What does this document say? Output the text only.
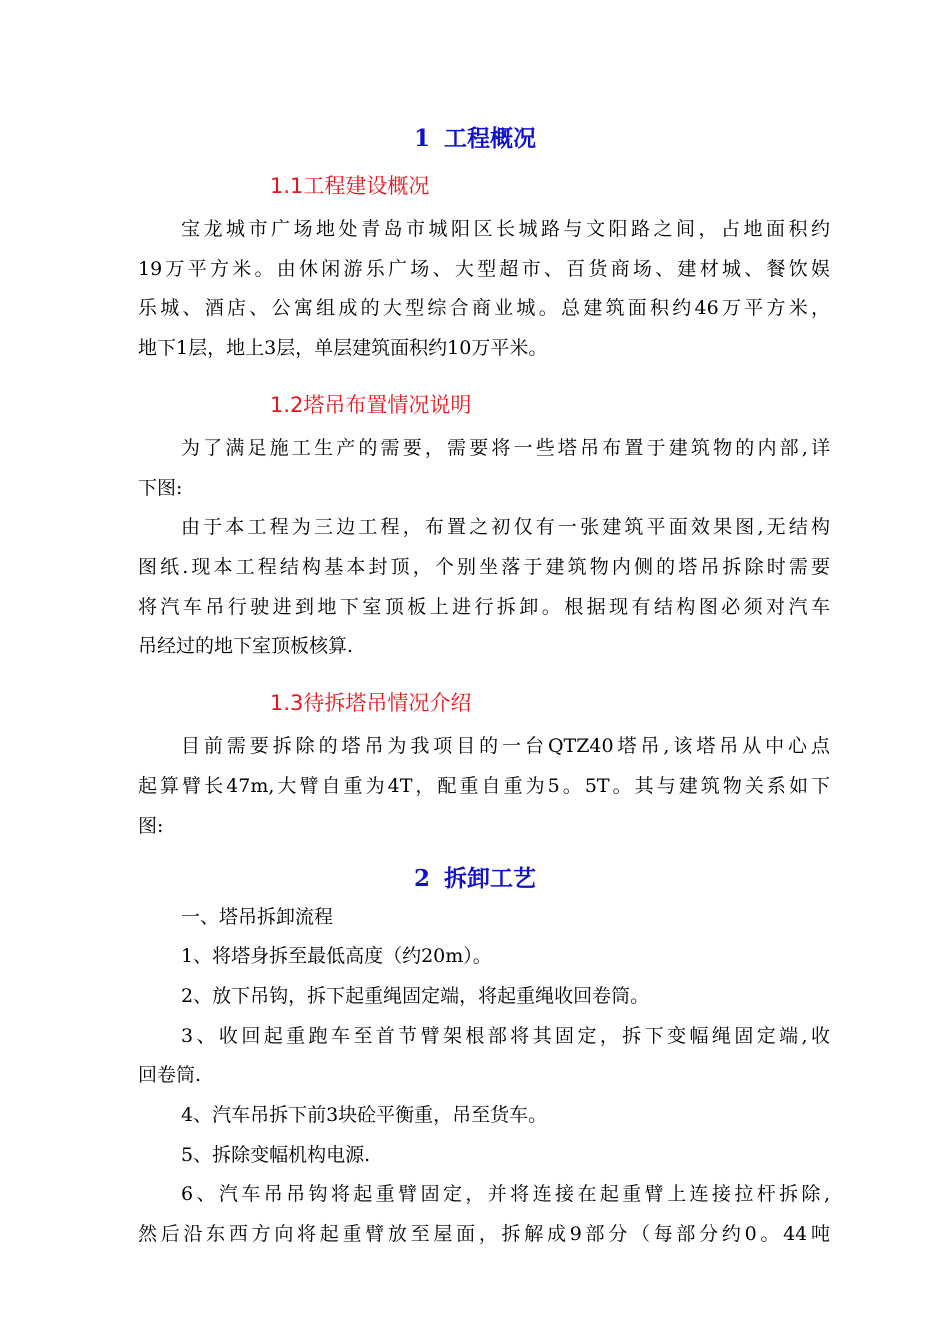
1 工程概况
1.1工程建设概况
宝龙城市广场地处青岛市城阳区长城路与文阳路之间，占地面积约
19万平方米。由休闲游乐广场、大型超市、百货商场、建材城、餐饮娱
乐城、酒店、公寓组成的大型综合商业城。总建筑面积约46万平方米，
地下1层，地上3层，单层建筑面积约10万平米。
1.2塔吊布置情况说明
为了满足施工生产的需要，需要将一些塔吊布置于建筑物的内部,详
下图:
由于本工程为三边工程，布置之初仅有一张建筑平面效果图,无结构
图纸.现本工程结构基本封顶，个别坐落于建筑物内侧的塔吊拆除时需要
将汽车吊行驶进到地下室顶板上进行拆卸。根据现有结构图必须对汽车
吊经过的地下室顶板核算.
1.3待拆塔吊情况介绍
目前需要拆除的塔吊为我项目的一台QTZ40塔吊,该塔吊从中心点
起算臂长47m,大臂自重为4T，配重自重为5。5T。其与建筑物关系如下
图:
2 拆卸工艺
一、塔吊拆卸流程
1、将塔身拆至最低高度（约20m）。
2、放下吊钩，拆下起重绳固定端，将起重绳收回卷筒。
3、收回起重跑车至首节臂架根部将其固定，拆下变幅绳固定端,收
回卷筒.
4、汽车吊拆下前3块砼平衡重，吊至货车。
5、拆除变幅机构电源.
6、汽车吊吊钩将起重臂固定，并将连接在起重臂上连接拉杆拆除,
然后沿东西方向将起重臂放至屋面，拆解成9部分（每部分约0。44吨
